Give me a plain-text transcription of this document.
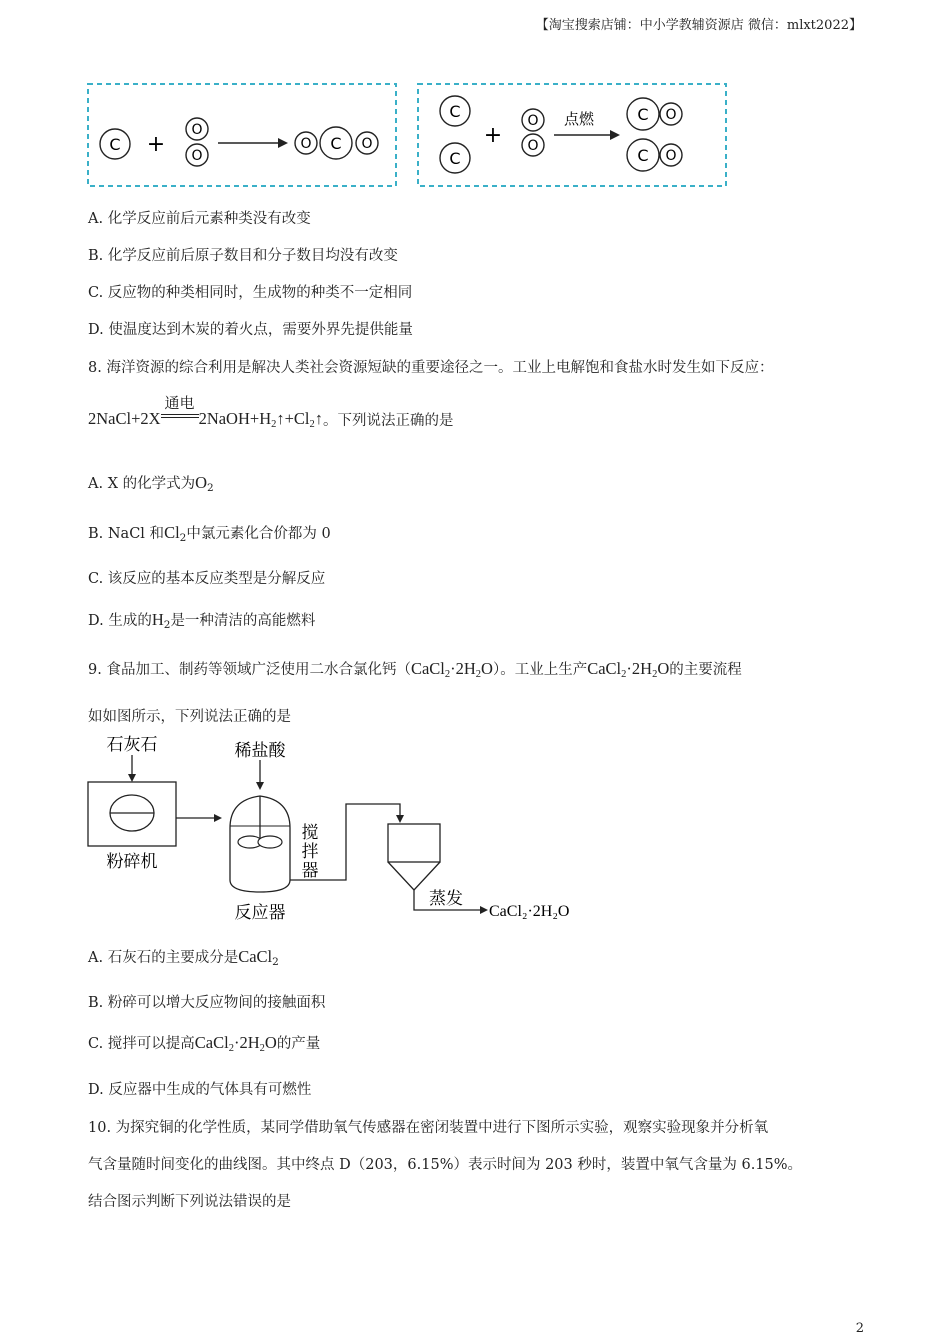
【淘宝搜索店铺：中小学教辅资源店 微信：mlxt2022】
C +
O
O
O	O
C
C
C
+
O
O
点燃	O
C
O
C
A. 化学反应前后元素种类没有改变
B. 化学反应前后原子数目和分子数目均没有改变
C. 反应物的种类相同时，生成物的种类不一定相同
D. 使温度达到木炭的着火点，需要外界先提供能量
8. 海洋资源的综合利用是解决人类社会资源短缺的重要途径之一。工业上电解饱和食盐水时发生如下反应：
2NaCl+2X
通电
$2NaOH+H_2↑+Cl_2↑$。下列说法正确的是
A. X 的化学式为$O_2$
B. NaCl 和$Cl_2$中氯元素化合价都为 0
C. 该反应的基本反应类型是分解反应
D. 生成的$H_2$是一种清洁的高能燃料
9. 食品加工、制药等领域广泛使用二水合氯化钙$(CaCl_2\cdot 2H_2O)$。工业上生产$CaCl_2\cdot 2H_2O$的主要流程
如如图所示，下列说法正确的是
石灰石
粉碎机
稀盐酸
搅
拌
器
反应器
蒸发
CaCl₂·2H₂O
A. 石灰石的主要成分是CaCl$_2$
B. 粉碎可以增大反应物间的接触面积
C. 搅拌可以提高$CaCl_2\cdot 2H_2O$的产量
D. 反应器中生成的气体具有可燃性
10. 为探究铜的化学性质，某同学借助氧气传感器在密闭装置中进行下图所示实验，观察实验现象并分析氧
气含量随时间变化的曲线图。其中终点 D（203，6.15%）表示时间为 203 秒时，装置中氧气含量为 6.15%。
结合图示判断下列说法错误的是
2
